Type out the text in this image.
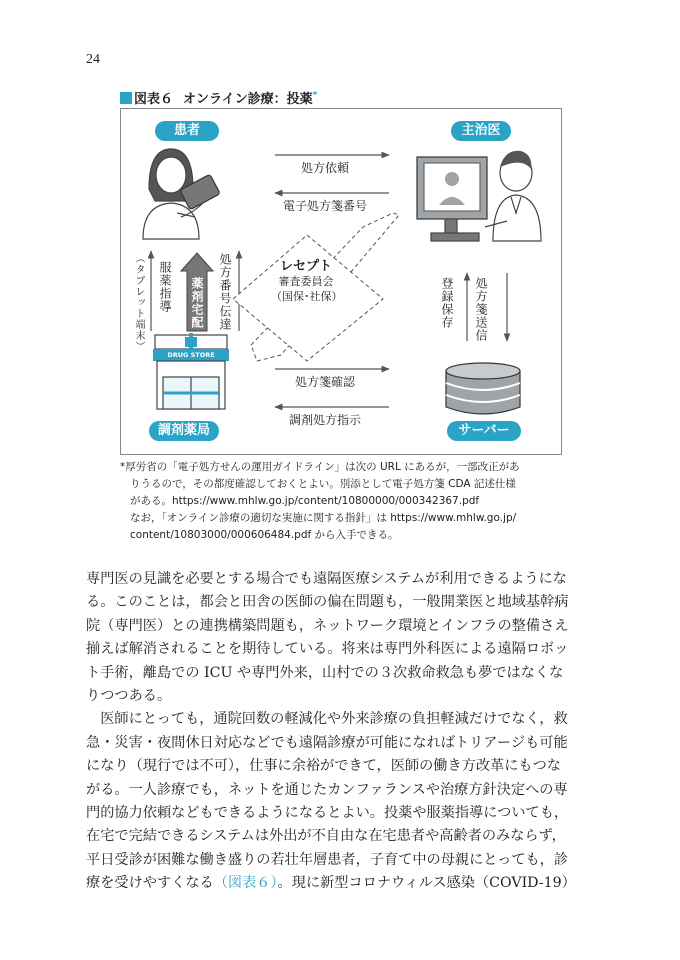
24
図表６ オンライン診療：投薬*
患者	主治医
調剤薬局	サーバー
処方依頼
電子処方箋番号
処方箋確認
調剤処方指示
処方箋送信
登録保存
処方番号伝達
服薬指導
（タブレット端末）	薬剤宅配
DRUG STORE
レセプト
審査委員会
（国保･社保）
*厚労省の「電子処方せんの運用ガイドライン」は次の URL にあるが，一部改正があ
りうるので，その都度確認しておくとよい。別添として電子処方箋 CDA 記述仕様
がある。https://www.mhlw.go.jp/content/10800000/000342367.pdf
なお，「オンライン診療の適切な実施に関する指針」は https://www.mhlw.go.jp/
content/10803000/000606484.pdf から入手できる。
専門医の見識を必要とする場合でも遠隔医療システムが利用できるようにな
る。このことは，都会と田舎の医師の偏在問題も，一般開業医と地域基幹病
院（専門医）との連携構築問題も，ネットワーク環境とインフラの整備さえ
揃えば解消されることを期待している。将来は専門外科医による遠隔ロボッ
ト手術，離島での ICU や専門外来，山村での３次救命救急も夢ではなくな
りつつある。
　医師にとっても，通院回数の軽減化や外来診療の負担軽減だけでなく，救
急・災害・夜間休日対応などでも遠隔診療が可能になればトリアージも可能
になり（現行では不可），仕事に余裕ができて，医師の働き方改革にもつな
がる。一人診療でも，ネットを通じたカンファランスや治療方針決定への専
門的協力依頼などもできるようになるとよい。投薬や服薬指導についても，
在宅で完結できるシステムは外出が不自由な在宅患者や高齢者のみならず，
平日受診が困難な働き盛りの若壮年層患者，子育て中の母親にとっても，診
療を受けやすくなる（図表６）。現に新型コロナウィルス感染（COVID-19）
